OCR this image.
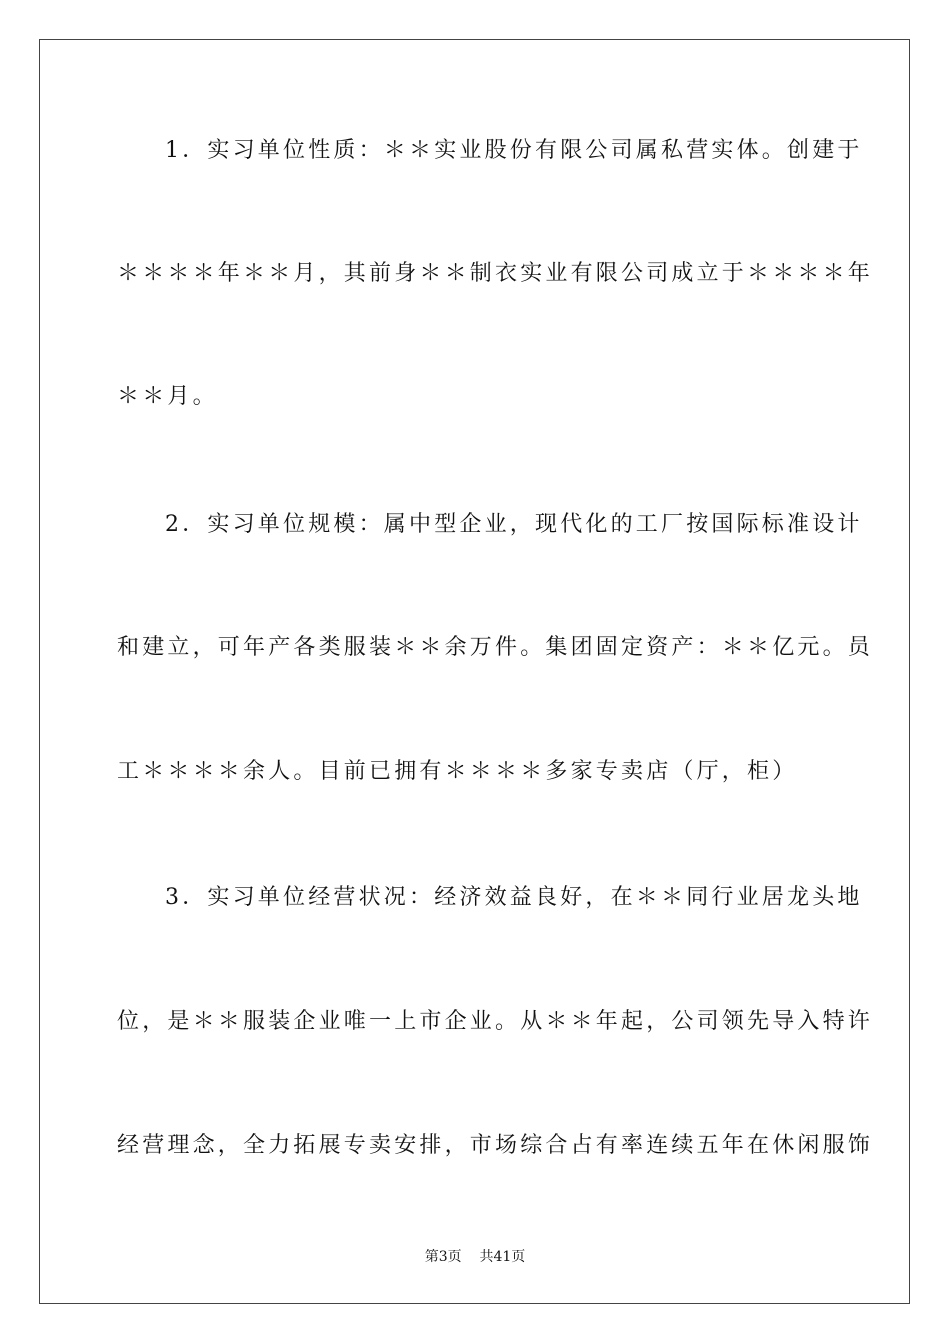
1．实习单位性质：＊＊实业股份有限公司属私营实体。创建于
＊＊＊＊年＊＊月，其前身＊＊制衣实业有限公司成立于＊＊＊＊年
＊＊月。
2．实习单位规模：属中型企业，现代化的工厂按国际标准设计
和建立，可年产各类服装＊＊余万件。集团固定资产：＊＊亿元。员
工＊＊＊＊余人。目前已拥有＊＊＊＊多家专卖店（厅，柜）
3．实习单位经营状况：经济效益良好，在＊＊同行业居龙头地
位，是＊＊服装企业唯一上市企业。从＊＊年起，公司领先导入特许
经营理念，全力拓展专卖安排，市场综合占有率连续五年在休闲服饰
第3页    共41页
